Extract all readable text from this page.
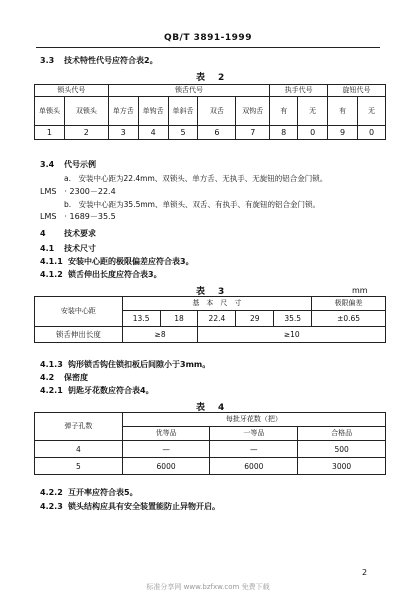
QB/T 3891-1999
3.3 技术特性代号应符合表2。
表　2
锁头代号		锁舌代号					执手代号		旋钮代号	
单锁头	双锁头	单方舌	单钩舌	单斜舌	双舌	双钩舌	有	无	有	无
1	2	3	4	5	6	7	8	0	9	0
3.4 代号示例
a.　安装中心距为22.4mm、双锁头、单方舌、无执手、无旋钮的铝合金门锁。
LMS　· 2300－22.4
b.　安装中心距为35.5mm、单锁头、双舌、有执手、有旋钮的铝合金门锁。
LMS　· 1689－35.5
4 技术要求
4.1 技术尺寸
4.1.1 安装中心距的极限偏差应符合表3。
4.1.2 锁舌伸出长度应符合表3。
表　3	mm
安装中心距	基　本　尺　寸					极限偏差
	13.5	18	22.4	29	35.5	±0.65
锁舌伸出长度	≥8		≥10			
4.1.3 钩形锁舌钩住锁扣板后间隙小于3mm。
4.2 保密度
4.2.1 钥匙牙花数应符合表4。
表　4
弹子孔数	每批牙花数（把）		
	优等品	一等品	合格品
4	—	—	500
5	6000	6000	3000
4.2.2 互开率应符合表5。
4.2.3 锁头结构应具有安全装置能防止异物开启。
2
标准分享网 www.bzfxw.com 免费下载
